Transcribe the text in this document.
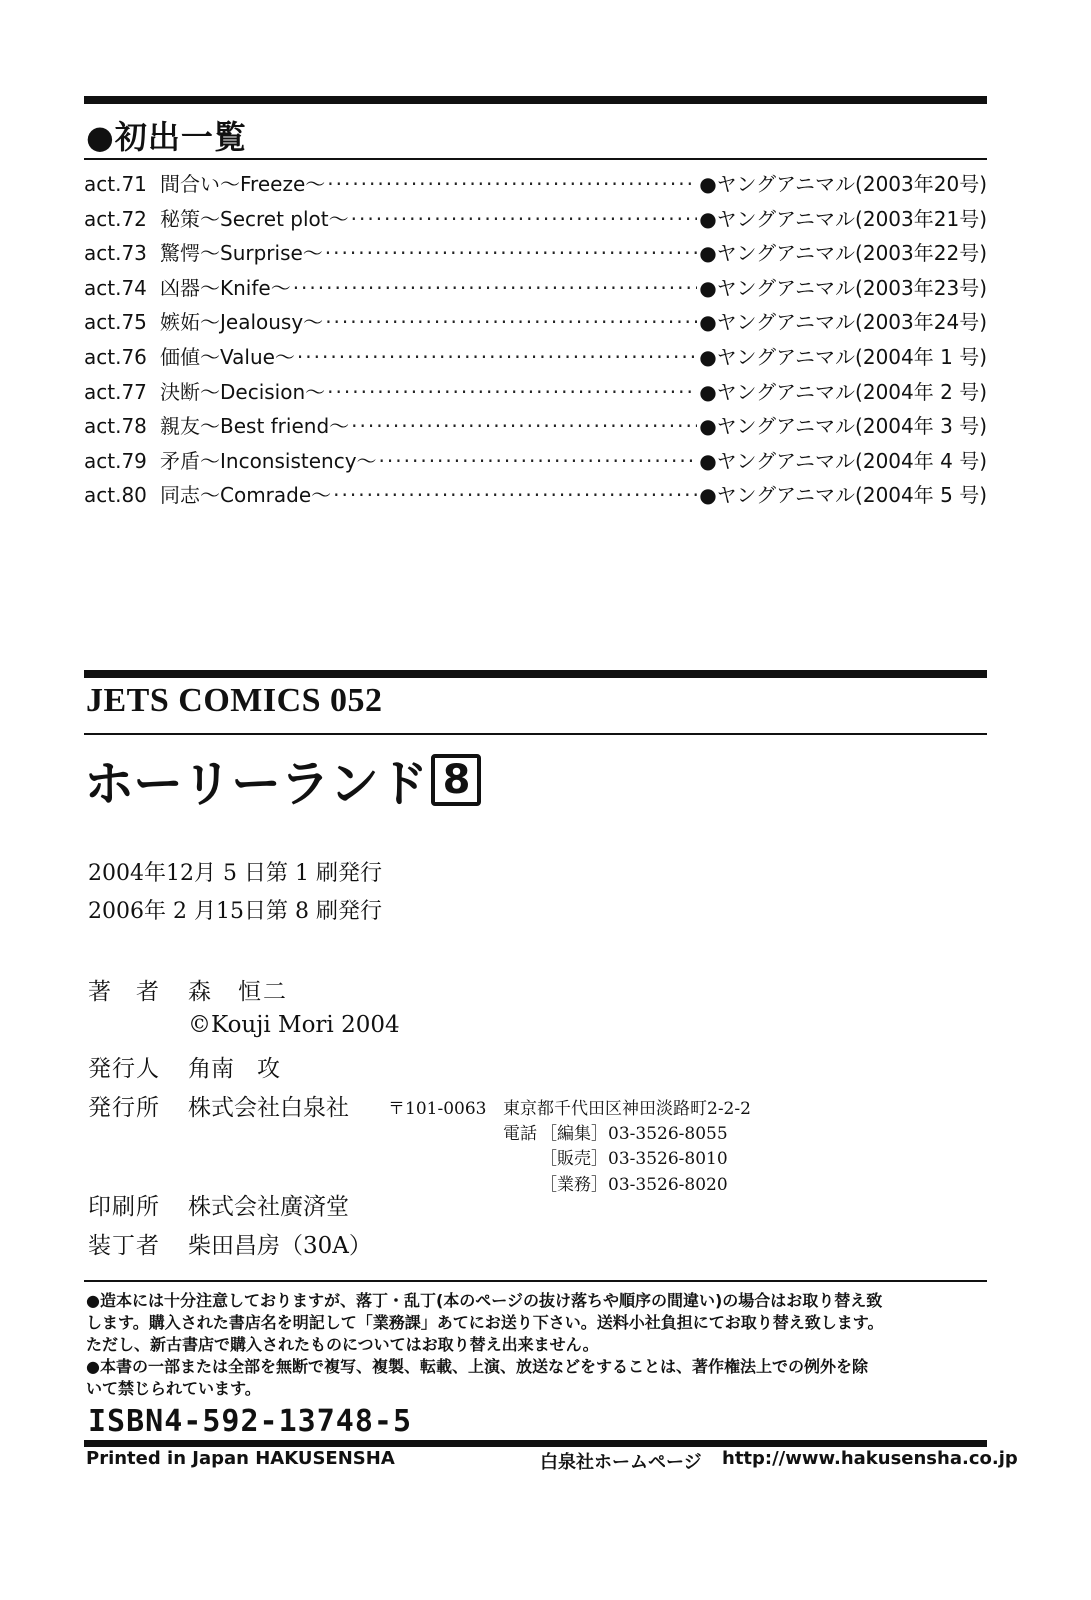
●初出一覧
act.71 間合い〜Freeze〜 ·····	●ヤングアニマル(2003年20号)
act.72 秘策〜Secret plot〜 ·····	●ヤングアニマル(2003年21号)
act.73 驚愕〜Surprise〜 ·····	●ヤングアニマル(2003年22号)
act.74 凶器〜Knife〜 ·····	●ヤングアニマル(2003年23号)
act.75 嫉妬〜Jealousy〜 ·····	●ヤングアニマル(2003年24号)
act.76 価値〜Value〜 ·····	●ヤングアニマル(2004年 1 号)
act.77 決断〜Decision〜 ·····	●ヤングアニマル(2004年 2 号)
act.78 親友〜Best friend〜 ·····	●ヤングアニマル(2004年 3 号)
act.79 矛盾〜Inconsistency〜 ·····	●ヤングアニマル(2004年 4 号)
act.80 同志〜Comrade〜 ·····	●ヤングアニマル(2004年 5 号)
JETS COMICS 052
ホーリーランド 8
2004年12月 5 日第 1 刷発行
2006年 2 月15日第 8 刷発行
著　者 森　恒二
©Kouji Mori 2004
発行人 角南　攻
発行所 株式会社白泉社 〒101-0063 東京都千代田区神田淡路町2-2-2
電話 ［編集］03-3526-8055
［販売］03-3526-8010
［業務］03-3526-8020
印刷所 株式会社廣済堂
装丁者 柴田昌房（30A）
●造本には十分注意しておりますが、落丁・乱丁(本のページの抜け落ちや順序の間違い)の場合はお取り替え致
します。購入された書店名を明記して「業務課」あてにお送り下さい。送料小社負担にてお取り替え致します。
ただし、新古書店で購入されたものについてはお取り替え出来ません。
●本書の一部または全部を無断で複写、複製、転載、上演、放送などをすることは、著作権法上での例外を除
いて禁じられています。
ISBN4-592-13748-5
Printed in Japan HAKUSENSHA	白泉社ホームページ http://www.hakusensha.co.jp
